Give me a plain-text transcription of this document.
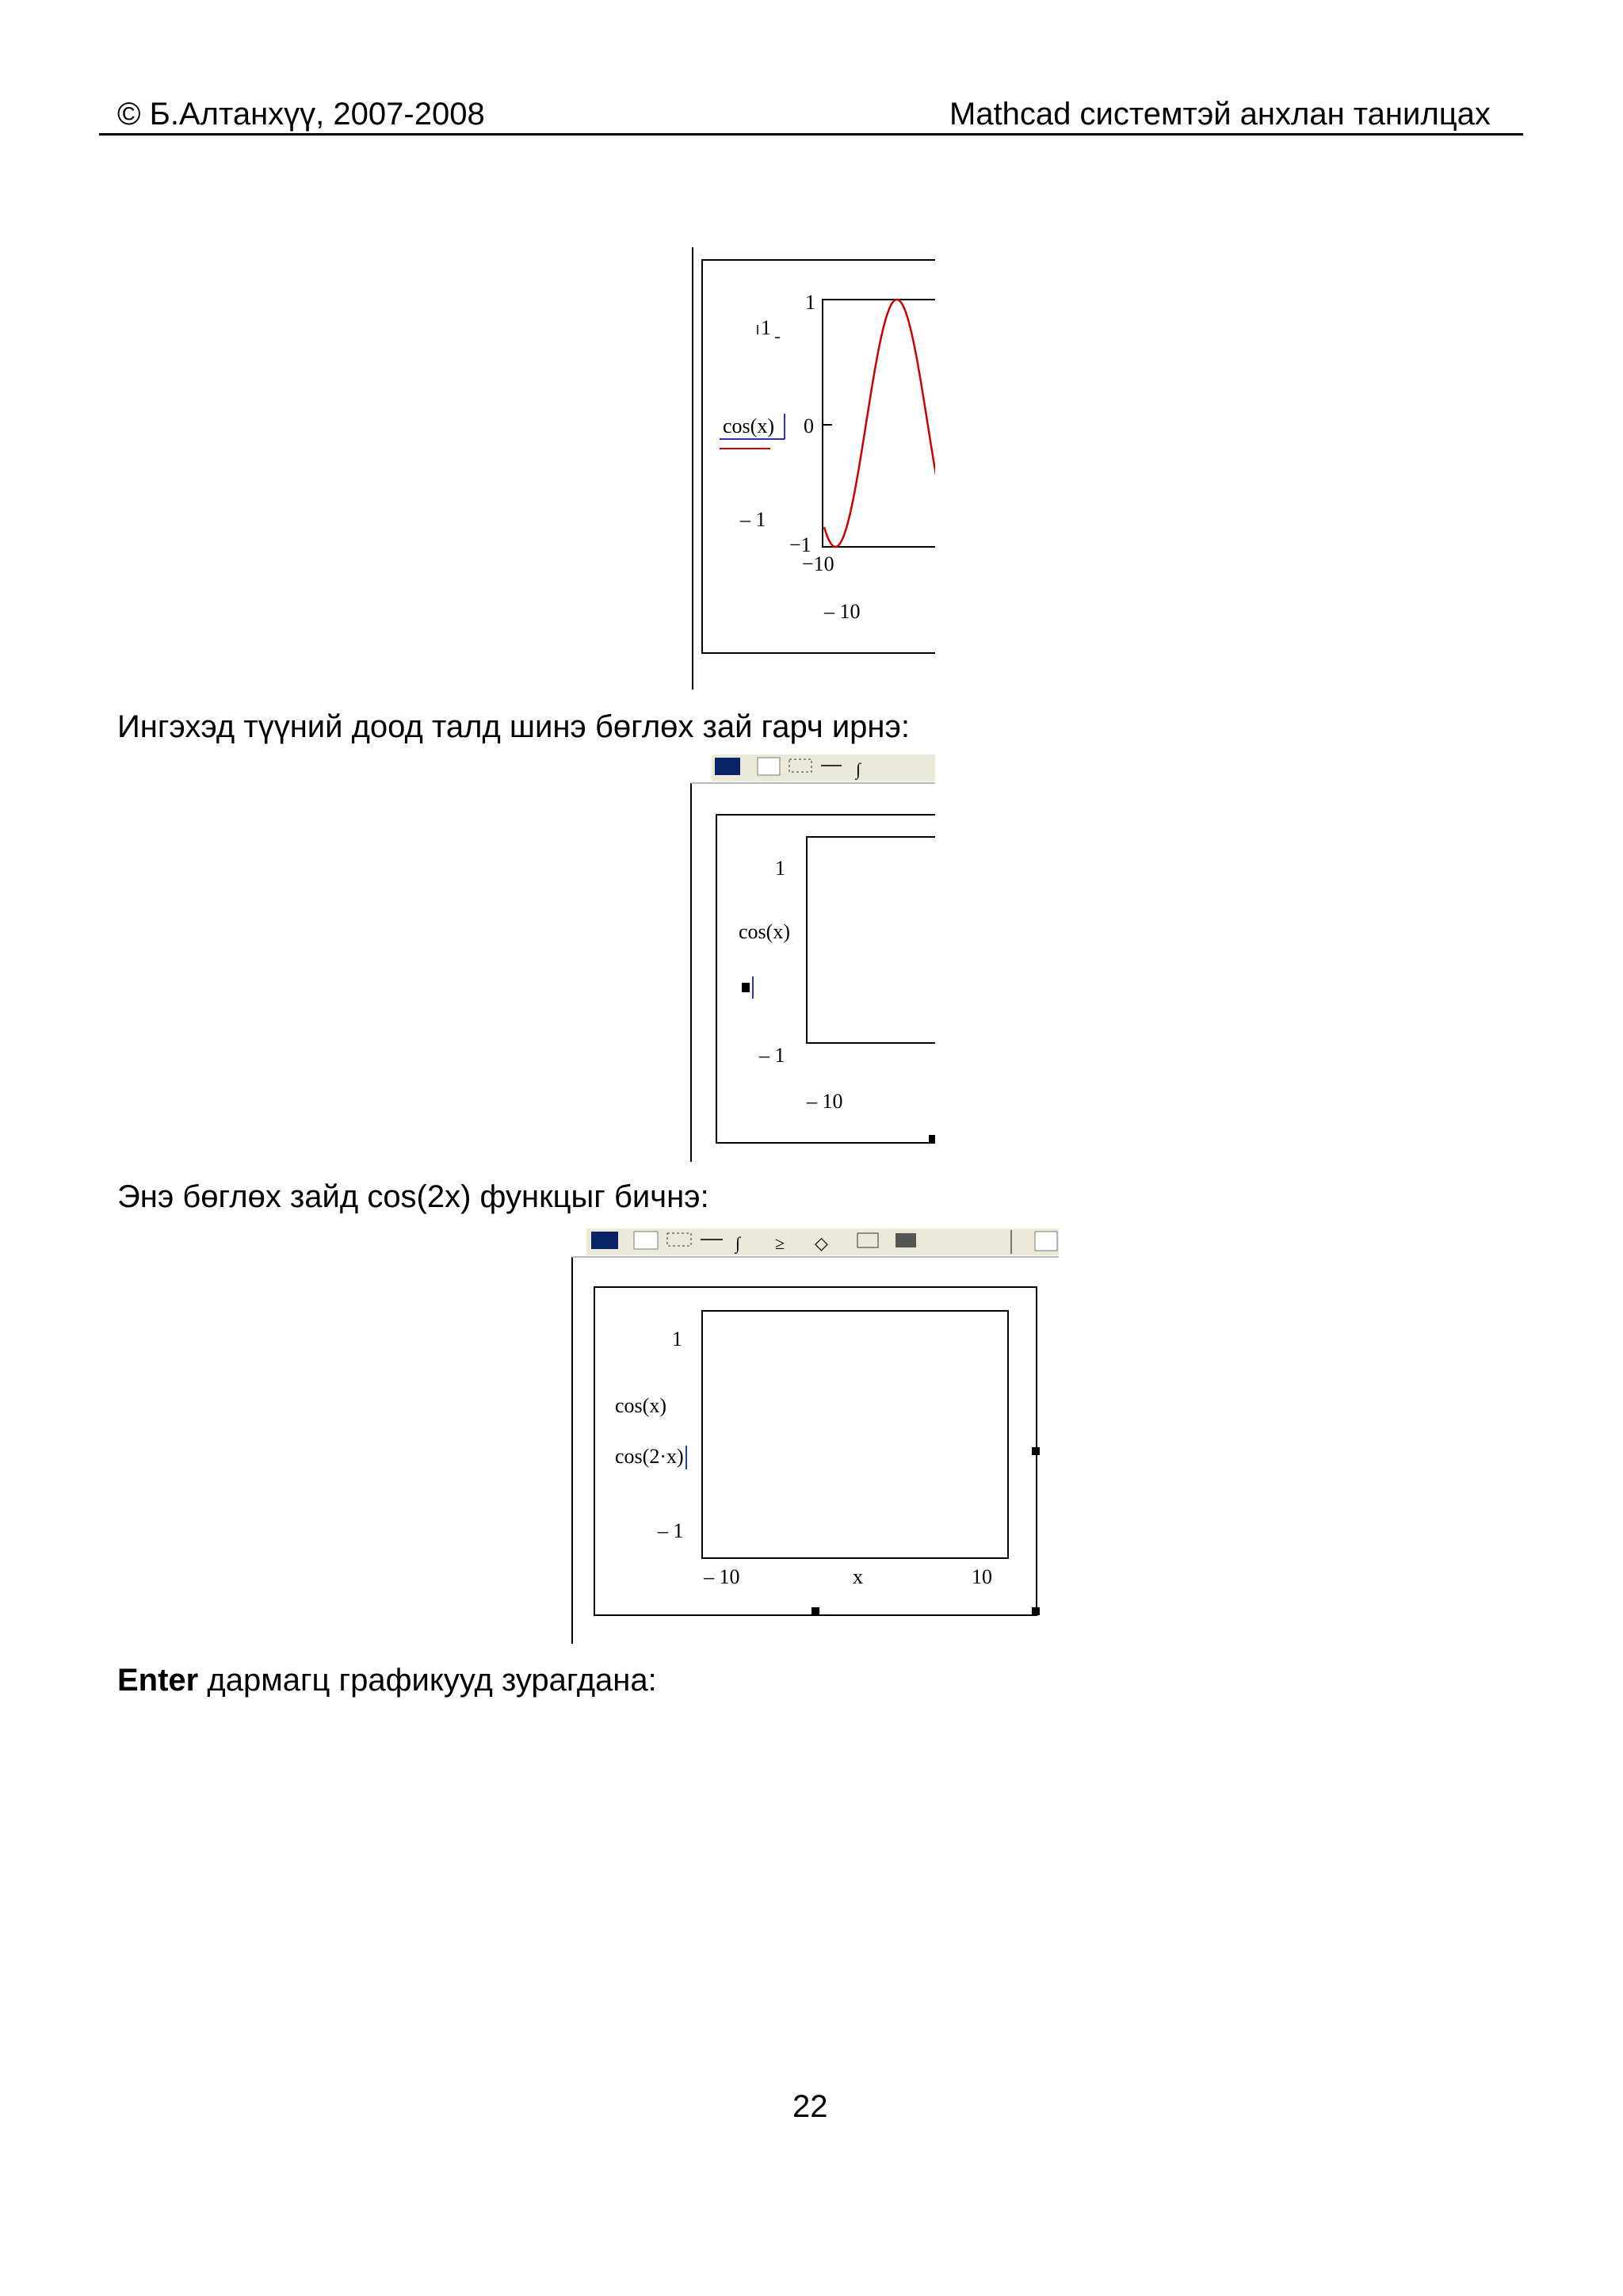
© Б.Алтанхүү, 2007-2008	Mathcad системтэй анхлан танилцах
1
cos(x)
– 1
1
0
−1
−10
– 10
Ингэхэд түүний доод талд шинэ бөглөх зай гарч ирнэ:
∫
1
cos(x)
– 1
– 10
Энэ бөглөх зайд cos(2x) функцыг бичнэ:
∫ ≥ ◇
1
cos(x)
cos(2·x)
– 1
– 10	x	10
Enter дармагц графикууд зурагдана:
22
